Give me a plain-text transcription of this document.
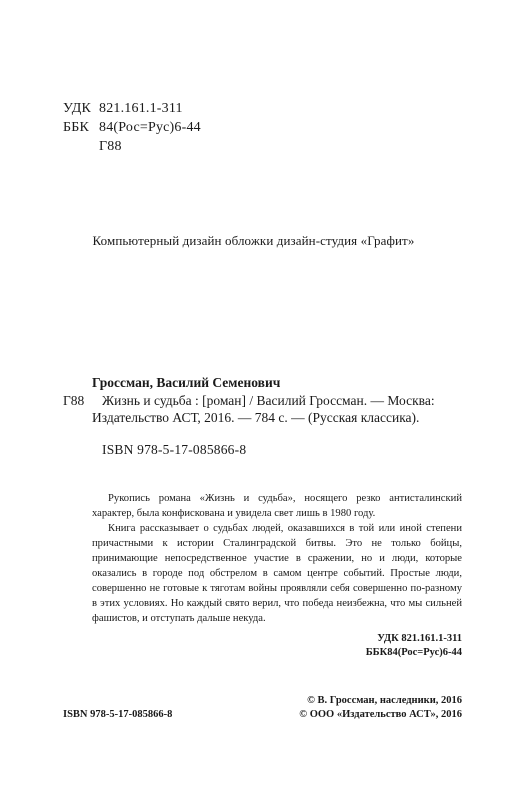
УДК 821.161.1-311
ББК 84(Рос=Рус)6-44
Г88
Компьютерный дизайн обложки дизайн-студия «Графит»
Гроссман, Василий Семенович
Г88 Жизнь и судьба : [роман] / Василий Гроссман. — Москва:
Издательство АСТ, 2016. — 784 с. — (Русская классика).
ISBN 978-5-17-085866-8

Рукопись романа «Жизнь и судьба», носящего резко антисталинский характер, была конфискована и увидела свет лишь в 1980 году.

Книга рассказывает о судьбах людей, оказавшихся в той или иной степени причастными к истории Сталинградской битвы. Это не только бойцы, принимающие непосредственное участие в сражении, но и люди, которые оказались в городе под обстрелом в самом центре событий. Простые люди, совершенно не готовые к тяготам войны проявляли себя совершенно по-разному в этих условиях. Но каждый свято верил, что победа неизбежна, что мы сильней фашистов, и отступать дальше некуда.

УДК 821.161.1-311
ББК84(Рос=Рус)6-44
© В. Гроссман, наследники, 2016
ISBN 978-5-17-085866-8	© ООО «Издательство АСТ», 2016
